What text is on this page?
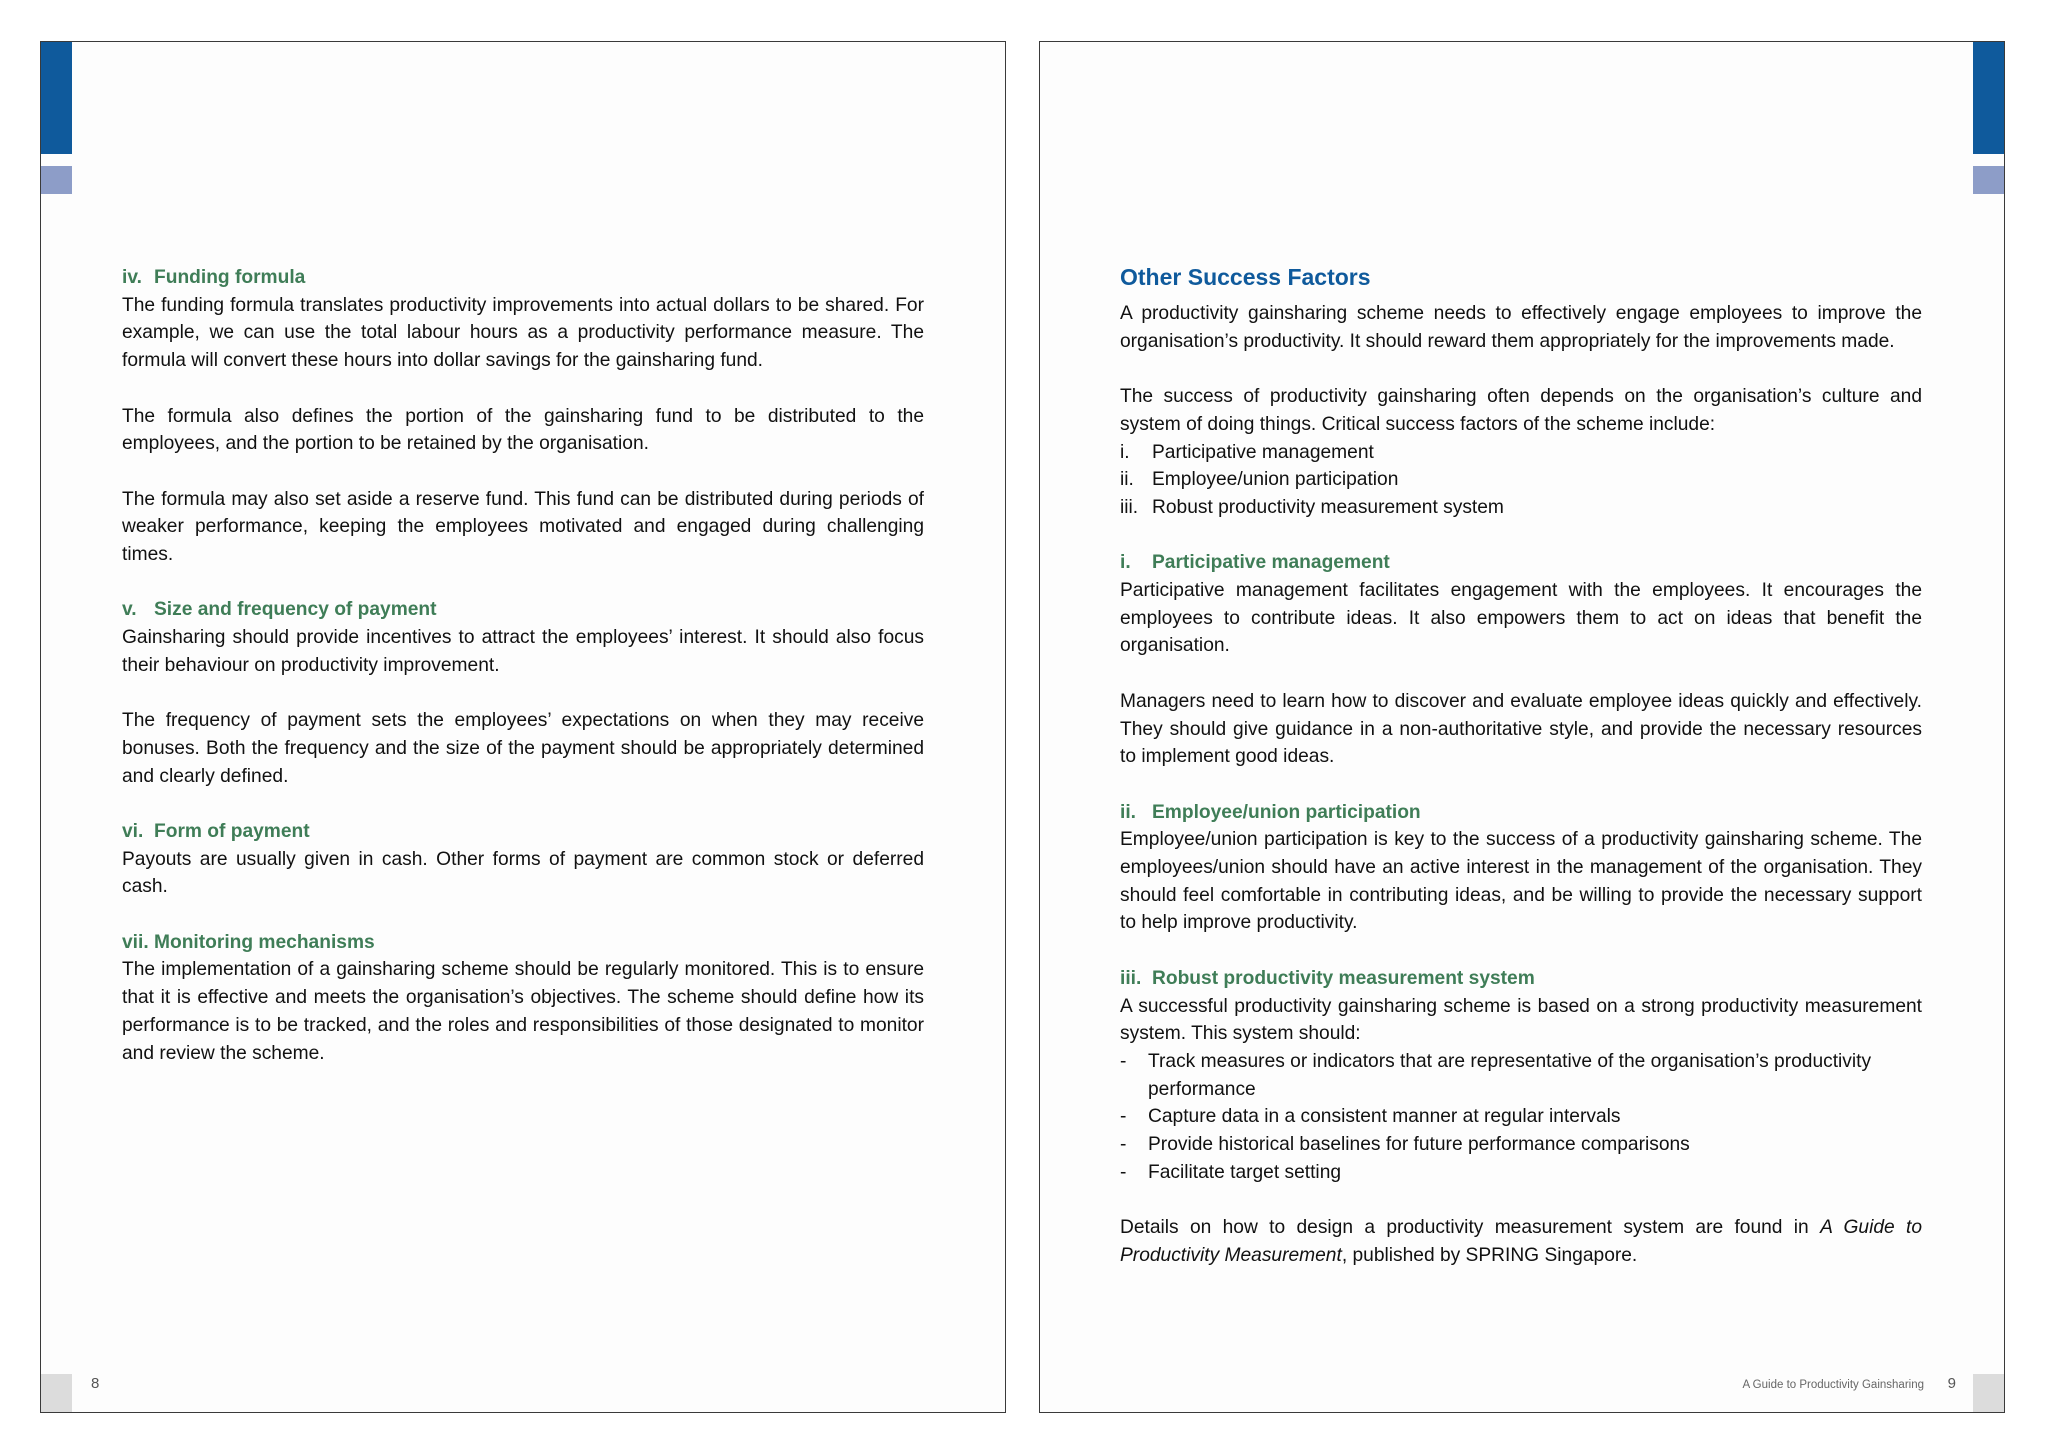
iv. Funding formula

The funding formula translates productivity improvements into actual dollars to be shared. For example, we can use the total labour hours as a productivity performance measure. The formula will convert these hours into dollar savings for the gainsharing fund.

The formula also defines the portion of the gainsharing fund to be distributed to the employees, and the portion to be retained by the organisation.

The formula may also set aside a reserve fund. This fund can be distributed during periods of weaker performance, keeping the employees motivated and engaged during challenging times.

v. Size and frequency of payment

Gainsharing should provide incentives to attract the employees’ interest. It should also focus their behaviour on productivity improvement.

The frequency of payment sets the employees’ expectations on when they may receive bonuses. Both the frequency and the size of the payment should be appropriately determined and clearly defined.

vi. Form of payment

Payouts are usually given in cash. Other forms of payment are common stock or deferred cash.

vii. Monitoring mechanisms

The implementation of a gainsharing scheme should be regularly monitored. This is to ensure that it is effective and meets the organisation’s objectives. The scheme should define how its performance is to be tracked, and the roles and responsibilities of those designated to monitor and review the scheme.

8
Other Success Factors

A productivity gainsharing scheme needs to effectively engage employees to improve the organisation’s productivity. It should reward them appropriately for the improvements made.

The success of productivity gainsharing often depends on the organisation’s culture and system of doing things. Critical success factors of the scheme include:

i.	Participative management
ii. Employee/union participation
iii. Robust productivity measurement system
i.	Participative management

Participative management facilitates engagement with the employees. It encourages the employees to contribute ideas. It also empowers them to act on ideas that benefit the organisation.

Managers need to learn how to discover and evaluate employee ideas quickly and effectively. They should give guidance in a non-authoritative style, and provide the necessary resources to implement good ideas.

ii. Employee/union participation

Employee/union participation is key to the success of a productivity gainsharing scheme. The employees/union should have an active interest in the management of the organisation. They should feel comfortable in contributing ideas, and be willing to provide the necessary support to help improve productivity.

iii. Robust productivity measurement system

A successful productivity gainsharing scheme is based on a strong productivity measurement system. This system should:

-	Track measures or indicators that are representative of the organisation’s productivity performance
-	Capture data in a consistent manner at regular intervals
-	Provide historical baselines for future performance comparisons
-	Facilitate target setting

Details on how to design a productivity measurement system are found in A Guide to Productivity Measurement, published by SPRING Singapore.

A Guide to Productivity Gainsharing 9
